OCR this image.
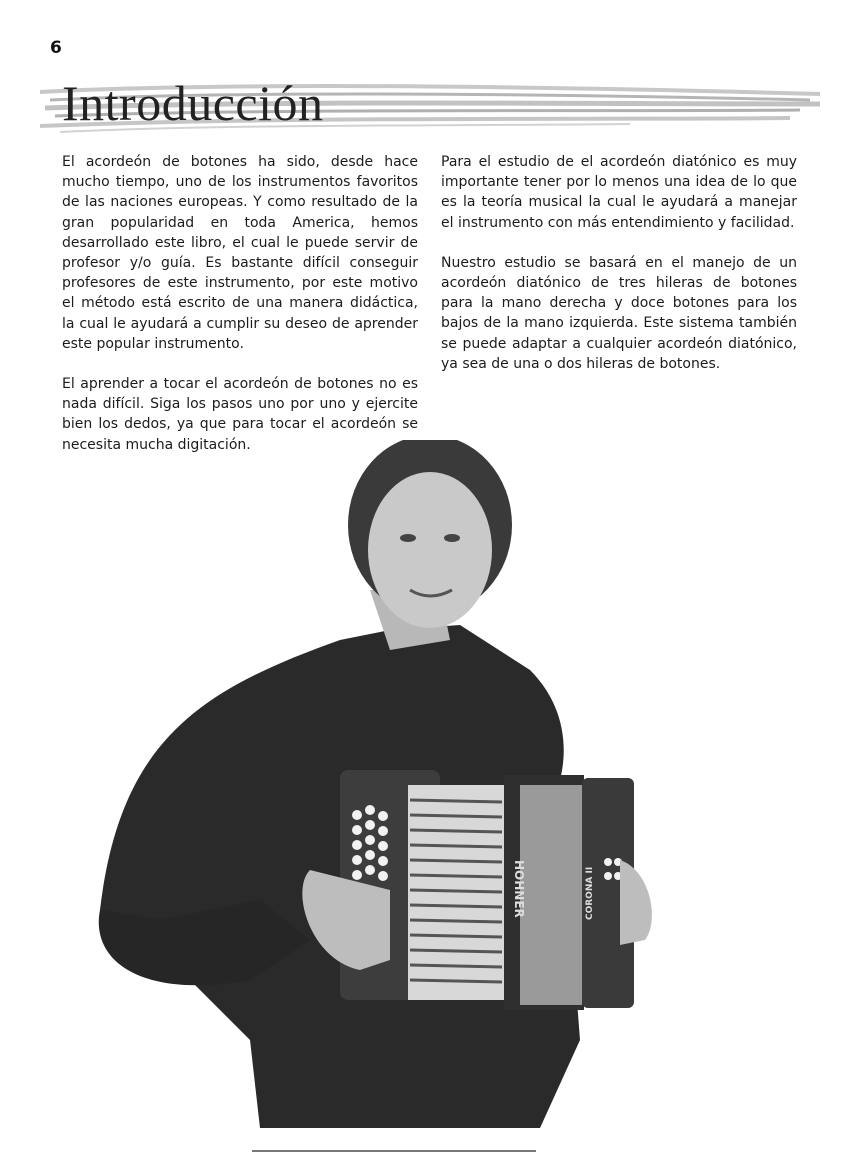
6
Introducción

El acordeón de botones ha sido, desde hace mucho tiempo, uno de los instrumentos favoritos de las naciones europeas. Y como resultado de la gran popularidad en toda America, hemos desarrollado este libro, el cual le puede servir de profesor y/o guía. Es bastante difícil conseguir profesores de este instrumento, por este motivo el método está escrito de una manera didáctica, la cual le ayudará a cumplir su deseo de aprender este popular instrumento.

El aprender a tocar el acordeón de botones no es nada difícil. Siga los pasos uno por uno y ejercite bien los dedos, ya que para tocar el acordeón se necesita mucha digitación.

Para el estudio de el acordeón diatónico es muy importante tener por lo menos una idea de lo que es la teoría musical la cual le ayudará a manejar el instrumento con más entendimiento y facilidad.

Nuestro estudio se basará en el manejo de un acordeón diatónico de tres hileras de botones para la mano derecha y doce botones para los bajos de la mano izquierda. Este sistema también se puede adaptar a cualquier acordeón diatónico, ya sea de una o dos hileras de botones.

HOHNER	CORONA II
